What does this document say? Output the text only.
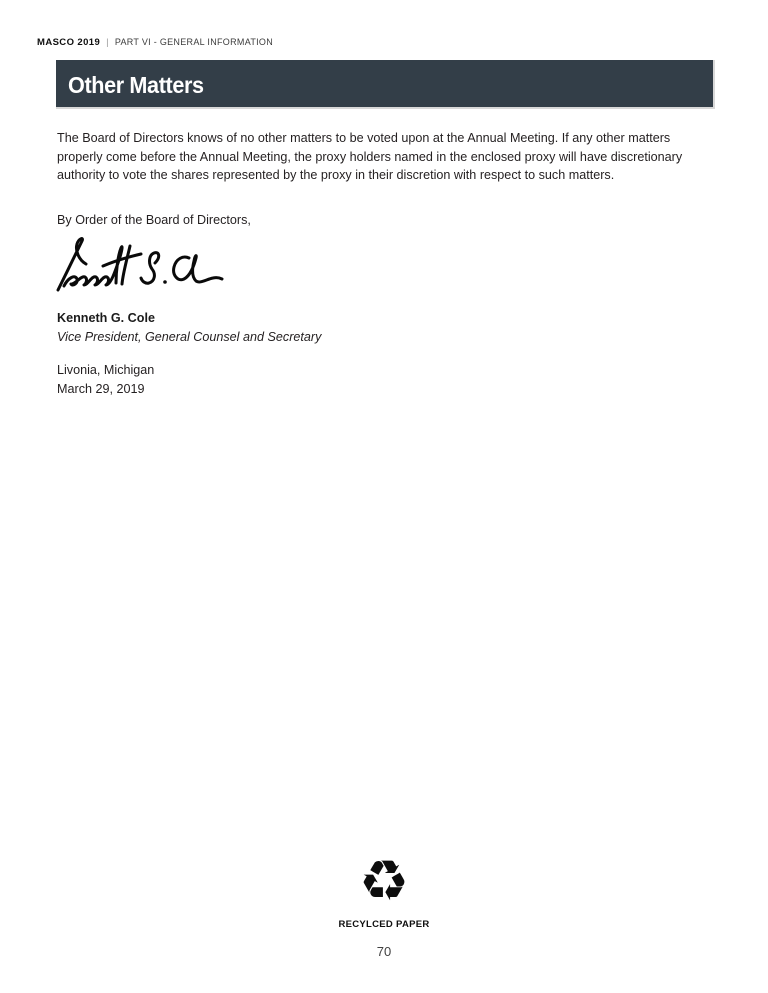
MASCO 2019 | PART VI - GENERAL INFORMATION
Other Matters
The Board of Directors knows of no other matters to be voted upon at the Annual Meeting. If any other matters properly come before the Annual Meeting, the proxy holders named in the enclosed proxy will have discretionary authority to vote the shares represented by the proxy in their discretion with respect to such matters.
By Order of the Board of Directors,
Kenneth G. Cole
Vice President, General Counsel and Secretary
Livonia, Michigan
March 29, 2019
♻
RECYLCED PAPER
70
